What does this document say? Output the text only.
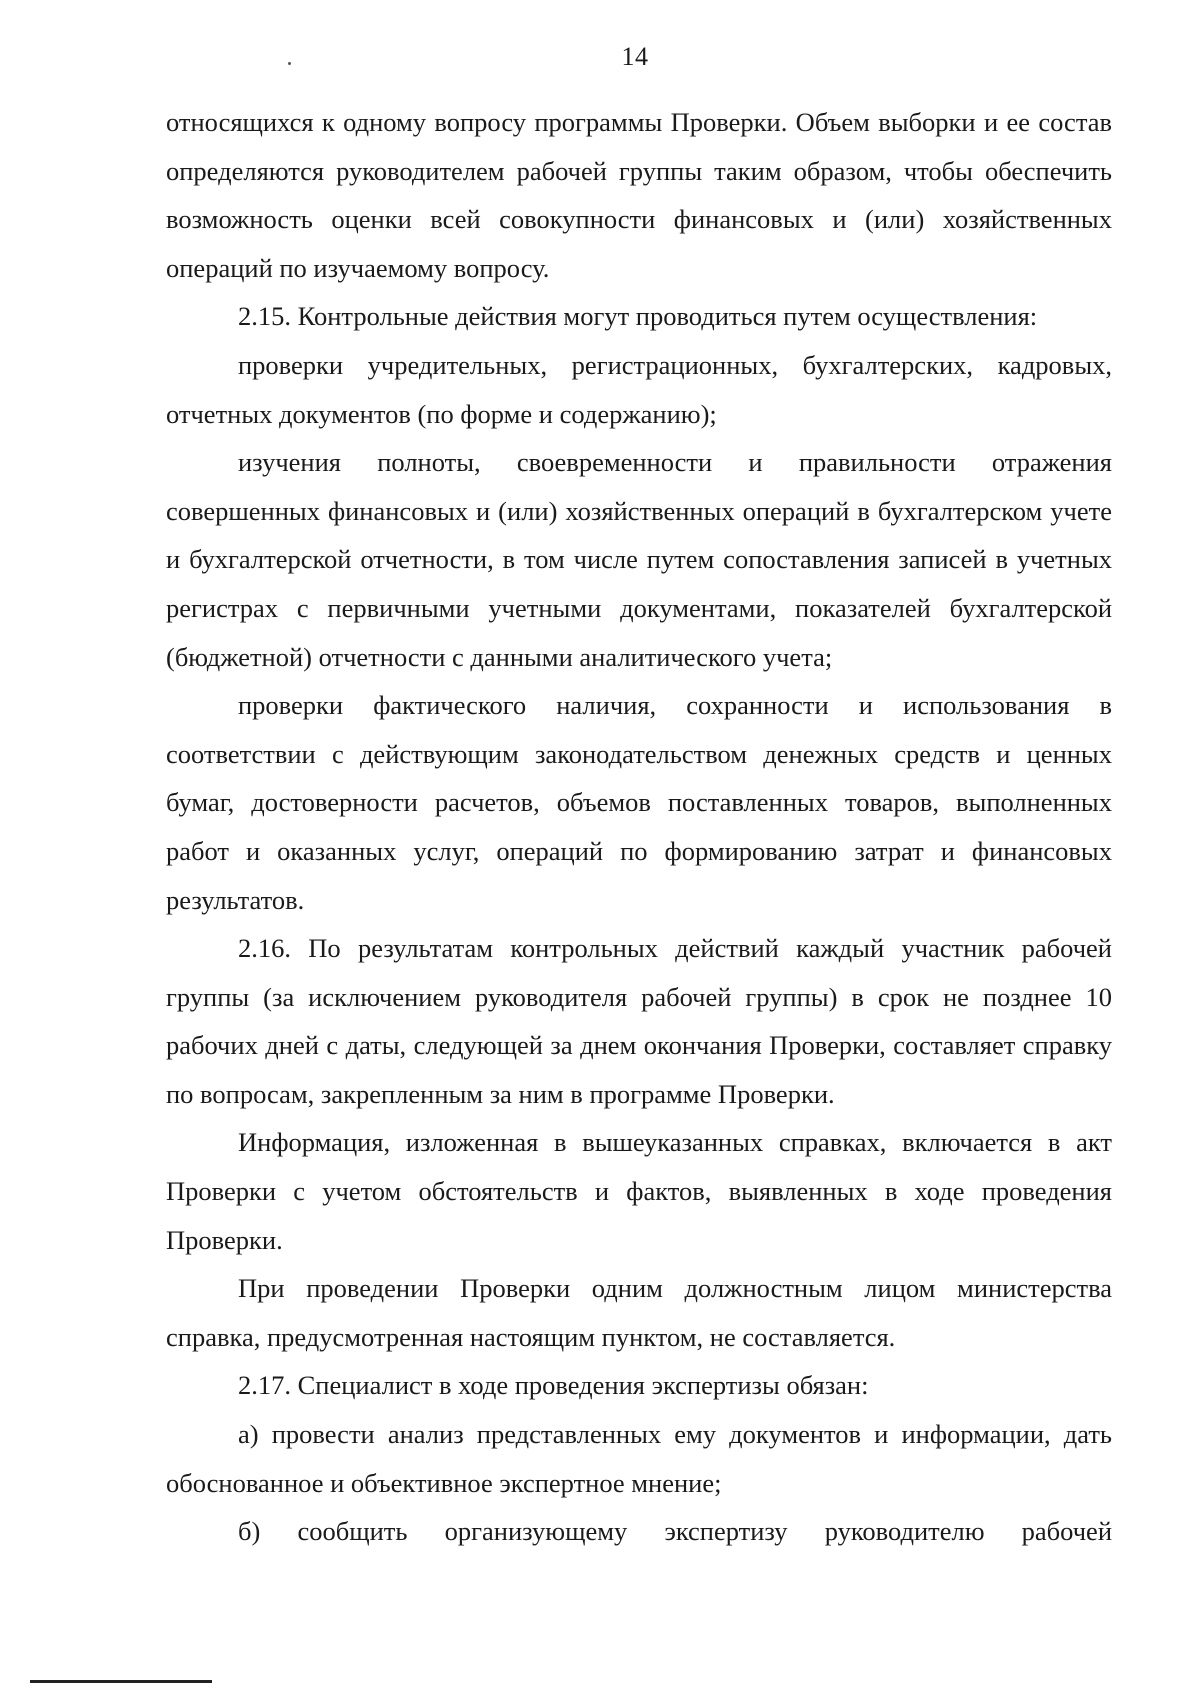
14

относящихся к одному вопросу программы Проверки. Объем выборки и ее состав определяются руководителем рабочей группы таким образом, чтобы обеспечить возможность оценки всей совокупности финансовых и (или) хозяйственных операций по изучаемому вопросу.

2.15. Контрольные действия могут проводиться путем осуществления:

проверки учредительных, регистрационных, бухгалтерских, кадровых, отчетных документов (по форме и содержанию);

изучения полноты, своевременности и правильности отражения совершенных финансовых и (или) хозяйственных операций в бухгалтерском учете и бухгалтерской отчетности, в том числе путем сопоставления записей в учетных регистрах с первичными учетными документами, показателей бухгалтерской (бюджетной) отчетности с данными аналитического учета;

проверки фактического наличия, сохранности и использования в соответствии с действующим законодательством денежных средств и ценных бумаг, достоверности расчетов, объемов поставленных товаров, выполненных работ и оказанных услуг, операций по формированию затрат и финансовых результатов.

2.16. По результатам контрольных действий каждый участник рабочей группы (за исключением руководителя рабочей группы) в срок не позднее 10 рабочих дней с даты, следующей за днем окончания Проверки, составляет справку по вопросам, закрепленным за ним в программе Проверки.

Информация, изложенная в вышеуказанных справках, включается в акт Проверки с учетом обстоятельств и фактов, выявленных в ходе проведения Проверки.

При проведении Проверки одним должностным лицом министерства справка, предусмотренная настоящим пунктом, не составляется.

2.17. Специалист в ходе проведения экспертизы обязан:

а) провести анализ представленных ему документов и информации, дать обоснованное и объективное экспертное мнение;

б) сообщить организующему экспертизу руководителю рабочей
